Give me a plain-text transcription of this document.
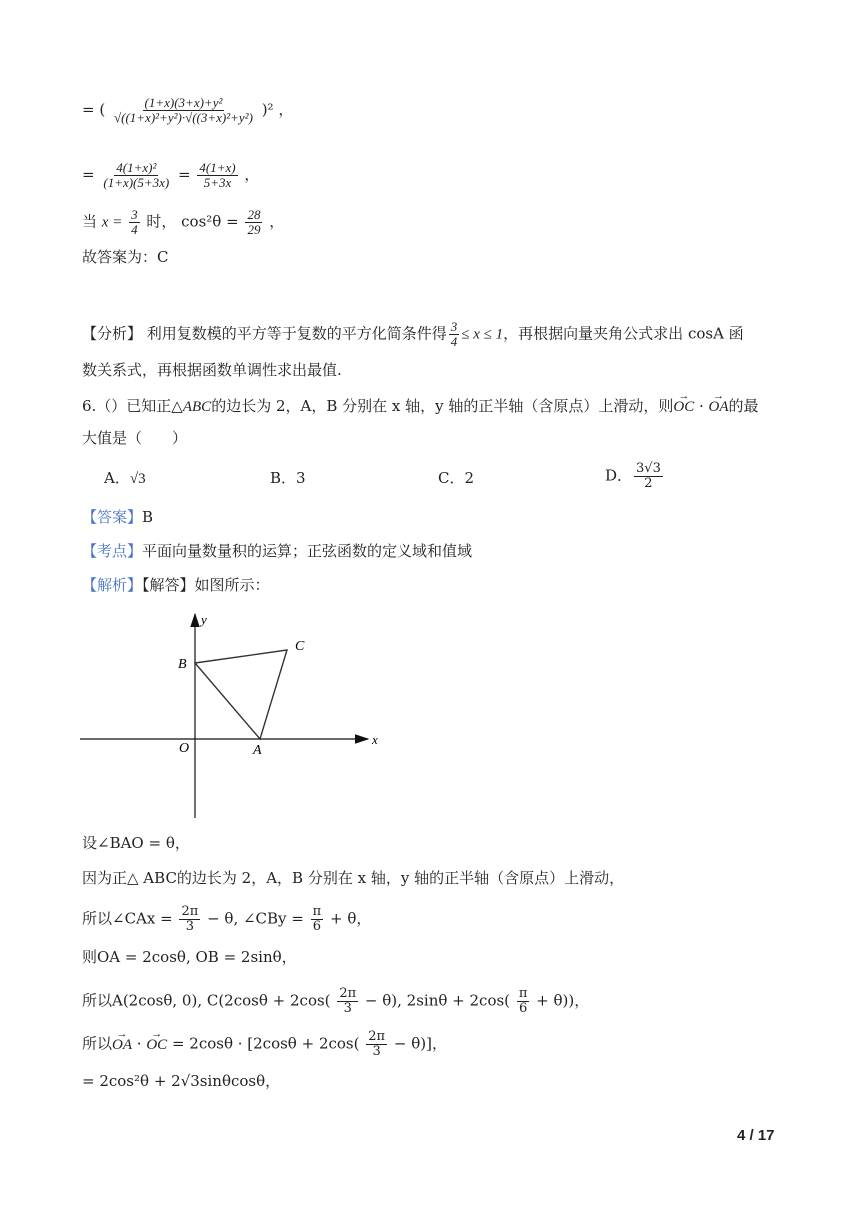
= ( $\frac{\text{(1+x)(3+x)+y²}}{\text{√((1+x)²+y²)·√((3+x)²+y²)}} )^2$ ，
= $\frac{\text{4(1+x)²}}{(1+x)(5+3x)} = \frac{4(1+x)}{5+3x}$ ，
当 $x = \frac{3}{4}$ 时， $\cos^2\theta = \frac{28}{29}$ ，
故答案为：C
【分析】 利用复数模的平方等于复数的平方化简条件得 $\frac{3}{4} \le x \le 1$，再根据向量夹角公式求出 cosA 函
数关系式，再根据函数单调性求出最值.
6.（）已知正△ABC的边长为 2，A，B 分别在 x 轴，y 轴的正半轴（含原点）上滑动，则→ OC · → OA的最
大值是（　　）
A．√3	B．3	C．2	D． $\frac{3√3}{2}$
【答案】B
【考点】平面向量数量积的运算；正弦函数的定义域和值域
【解析】【解答】如图所示：
y
x
B
C
O	A
设∠BAO = θ，
因为正△ ABC的边长为 2，A，B 分别在 x 轴，y 轴的正半轴（含原点）上滑动，
所以∠CAx = $\frac{2\pi}{3} - \theta$, ∠CBy = $\frac{\pi}{6} + \theta$，
则OA = 2cosθ, OB = 2sinθ，
所以A(2cosθ, 0), $C(2\cos\theta + 2\cos( \frac{2\pi}{3} - \theta)$, $2\sin\theta + 2\cos( \frac{\pi}{6} + \theta)$)，
所以→ OA · → OC = $2\cos\theta \cdot [2\cos\theta + 2\cos( \frac{2\pi}{3} - \theta)]$，
= 2cos²θ + 2√3sinθcosθ，
4 / 17
